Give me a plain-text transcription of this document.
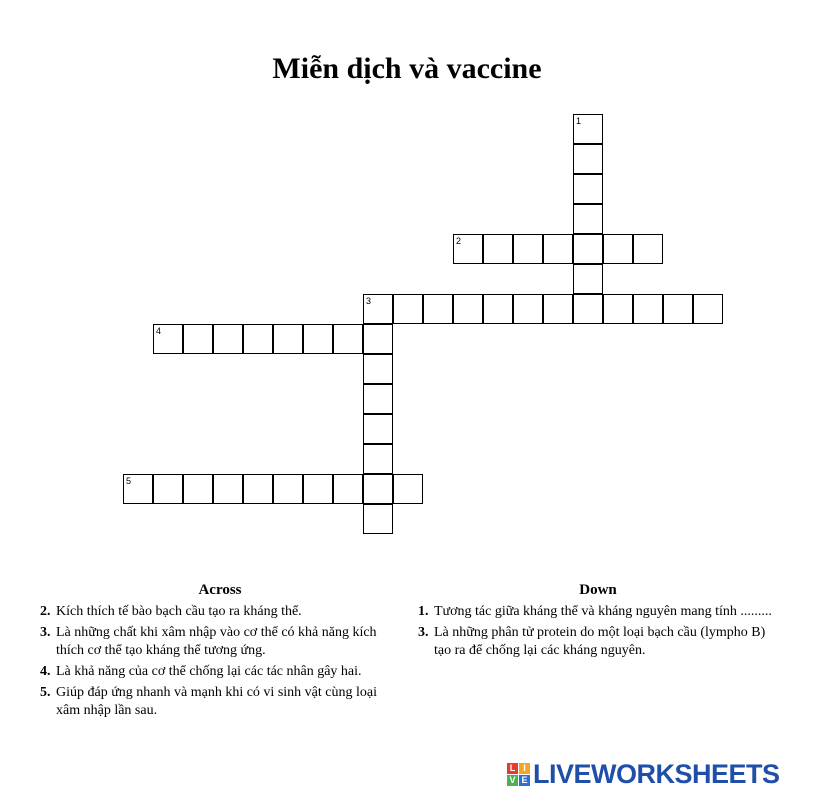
Miễn dịch và vaccine
1
2
3
4
5
Across
2. Kích thích tế bào bạch cầu tạo ra kháng thể.
3. Là những chất khi xâm nhập vào cơ thể có khả năng kích thích cơ thể tạo kháng thể tương ứng.
4. Là khả năng của cơ thể chống lại các tác nhân gây hai.
5. Giúp đáp ứng nhanh và mạnh khi có vi sinh vật cùng loại xâm nhập lần sau.
Down
1. Tương tác giữa kháng thể và kháng nguyên mang tính .........
3. Là những phân tử protein do một loại bạch cầu (lympho B) tạo ra để chống lại các kháng nguyên.
L I
V E LIVEWORKSHEETS
